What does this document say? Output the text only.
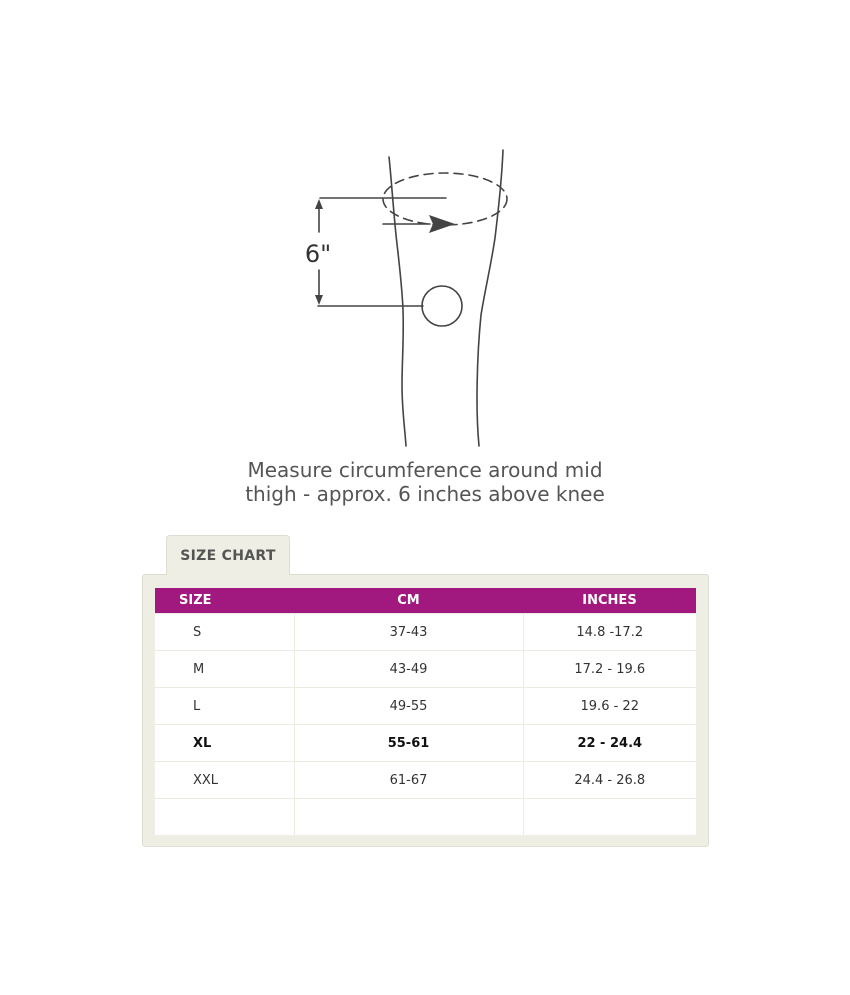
6"

Measure circumference around mid
thigh - approx. 6 inches above knee

SIZE CHART
SIZE	CM	INCHES
S	37-43	14.8 -17.2
M	43-49	17.2 - 19.6
L	49-55	19.6 - 22
XL	55-61	22 - 24.4
XXL	61-67	24.4 - 26.8
